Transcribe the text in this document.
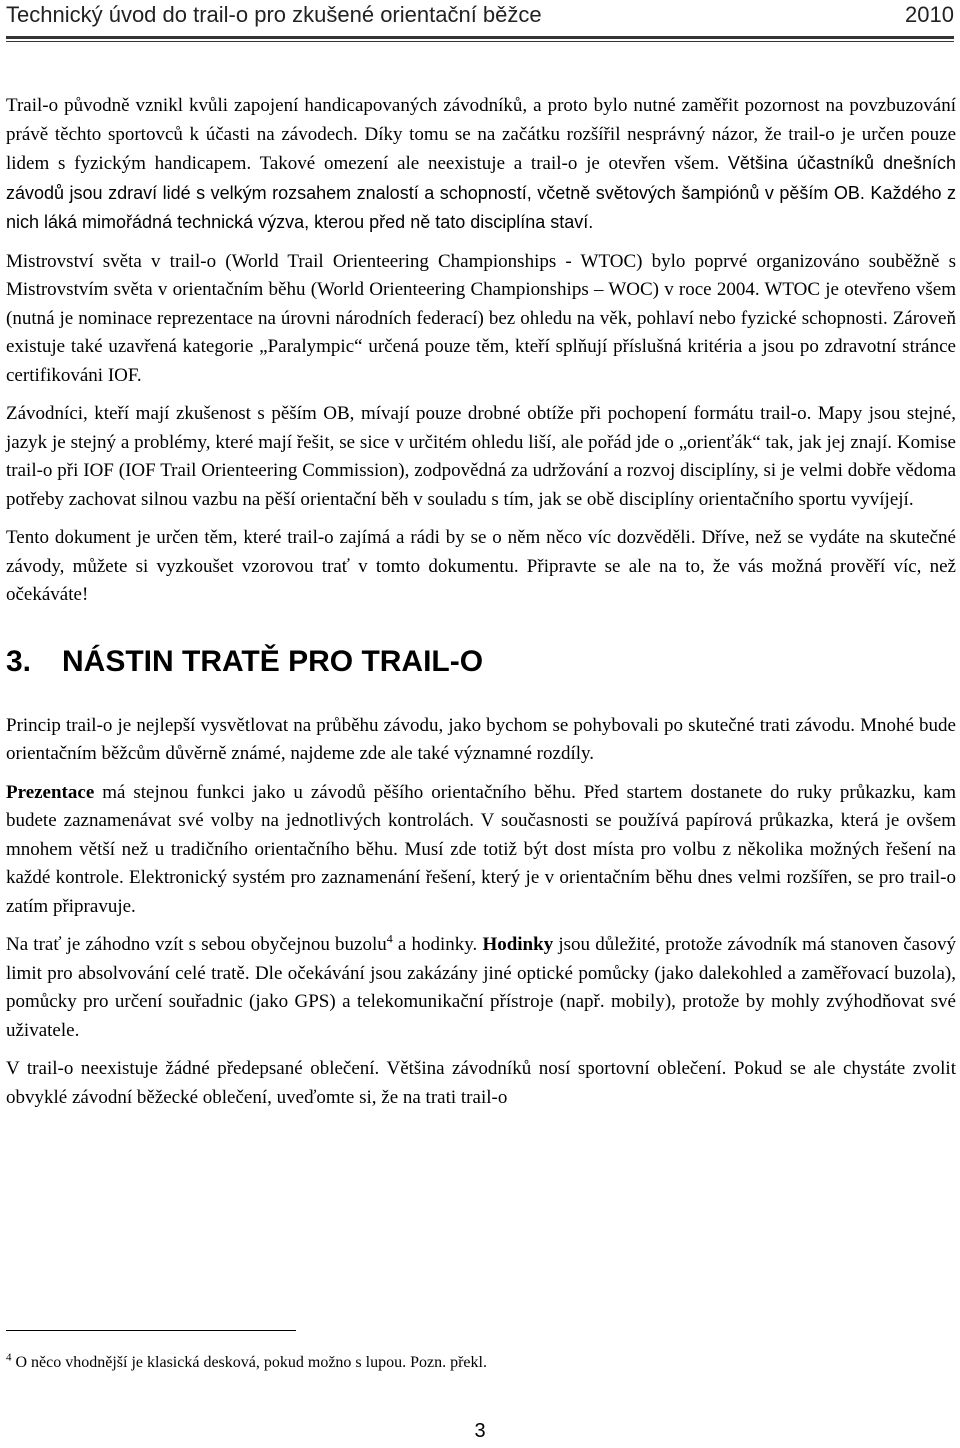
Technický úvod do trail-o pro zkušené orientační běžce	2010

Trail-o původně vznikl kvůli zapojení handicapovaných závodníků, a proto bylo nutné zaměřit pozornost na povzbuzování právě těchto sportovců k účasti na závodech. Díky tomu se na začátku rozšířil nesprávný názor, že trail-o je určen pouze lidem s fyzickým handicapem. Takové omezení ale neexistuje a trail-o je otevřen všem. Většina účastníků dnešních závodů jsou zdraví lidé s velkým rozsahem znalostí a schopností, včetně světových šampiónů v pěším OB. Každého z nich láká mimořádná technická výzva, kterou před ně tato disciplína staví.

Mistrovství světa v trail-o (World Trail Orienteering Championships - WTOC) bylo poprvé organizováno souběžně s Mistrovstvím světa v orientačním běhu (World Orienteering Championships – WOC) v roce 2004. WTOC je otevřeno všem (nutná je nominace reprezentace na úrovni národních federací) bez ohledu na věk, pohlaví nebo fyzické schopnosti. Zároveň existuje také uzavřená kategorie „Paralympic“ určená pouze těm, kteří splňují příslušná kritéria a jsou po zdravotní stránce certifikováni IOF.

Závodníci, kteří mají zkušenost s pěším OB, mívají pouze drobné obtíže při pochopení formátu trail-o. Mapy jsou stejné, jazyk je stejný a problémy, které mají řešit, se sice v určitém ohledu liší, ale pořád jde o „orienťák“ tak, jak jej znají. Komise trail-o při IOF (IOF Trail Orienteering Commission), zodpovědná za udržování a rozvoj disciplíny, si je velmi dobře vědoma potřeby zachovat silnou vazbu na pěší orientační běh v souladu s tím, jak se obě disciplíny orientačního sportu vyvíjejí.

Tento dokument je určen těm, které trail-o zajímá a rádi by se o něm něco víc dozvěděli. Dříve, než se vydáte na skutečné závody, můžete si vyzkoušet vzorovou trať v tomto dokumentu. Připravte se ale na to, že vás možná prověří víc, než očekáváte!

3. NÁSTIN TRATĚ PRO TRAIL-O

Princip trail-o je nejlepší vysvětlovat na průběhu závodu, jako bychom se pohybovali po skutečné trati závodu. Mnohé bude orientačním běžcům důvěrně známé, najdeme zde ale také významné rozdíly.

Prezentace má stejnou funkci jako u závodů pěšího orientačního běhu. Před startem dostanete do ruky průkazku, kam budete zaznamenávat své volby na jednotlivých kontrolách. V současnosti se používá papírová průkazka, která je ovšem mnohem větší než u tradičního orientačního běhu. Musí zde totiž být dost místa pro volbu z několika možných řešení na každé kontrole. Elektronický systém pro zaznamenání řešení, který je v orientačním běhu dnes velmi rozšířen, se pro trail-o zatím připravuje.

Na trať je záhodno vzít s sebou obyčejnou buzolu$^4$ a hodinky. Hodinky jsou důležité, protože závodník má stanoven časový limit pro absolvování celé tratě. Dle očekávání jsou zakázány jiné optické pomůcky (jako dalekohled a zaměřovací buzola), pomůcky pro určení souřadnic (jako GPS) a telekomunikační přístroje (např. mobily), protože by mohly zvýhodňovat své uživatele.

V trail-o neexistuje žádné předepsané oblečení. Většina závodníků nosí sportovní oblečení. Pokud se ale chystáte zvolit obvyklé závodní běžecké oblečení, uveďomte si, že na trati trail-o

$^4$ O něco vhodnější je klasická desková, pokud možno s lupou. Pozn. překl.
3
